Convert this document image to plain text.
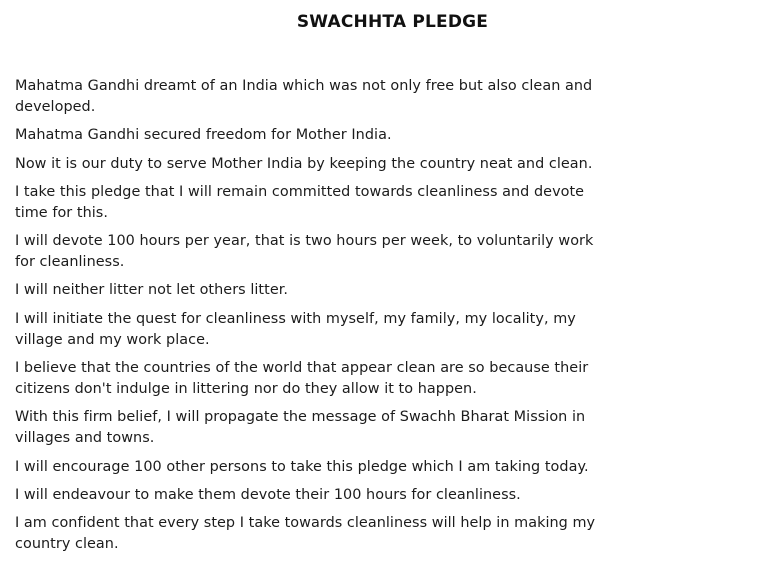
SWACHHTA PLEDGE

Mahatma Gandhi dreamt of an India which was not only free but also clean and
developed.

Mahatma Gandhi secured freedom for Mother India.

Now it is our duty to serve Mother India by keeping the country neat and clean.

I take this pledge that I will remain committed towards cleanliness and devote
time for this.

I will devote 100 hours per year, that is two hours per week, to voluntarily work
for cleanliness.

I will neither litter not let others litter.

I will initiate the quest for cleanliness with myself, my family, my locality, my
village and my work place.

I believe that the countries of the world that appear clean are so because their
citizens don't indulge in littering nor do they allow it to happen.

With this firm belief, I will propagate the message of Swachh Bharat Mission in
villages and towns.

I will encourage 100 other persons to take this pledge which I am taking today.

I will endeavour to make them devote their 100 hours for cleanliness.

I am confident that every step I take towards cleanliness will help in making my
country clean.
